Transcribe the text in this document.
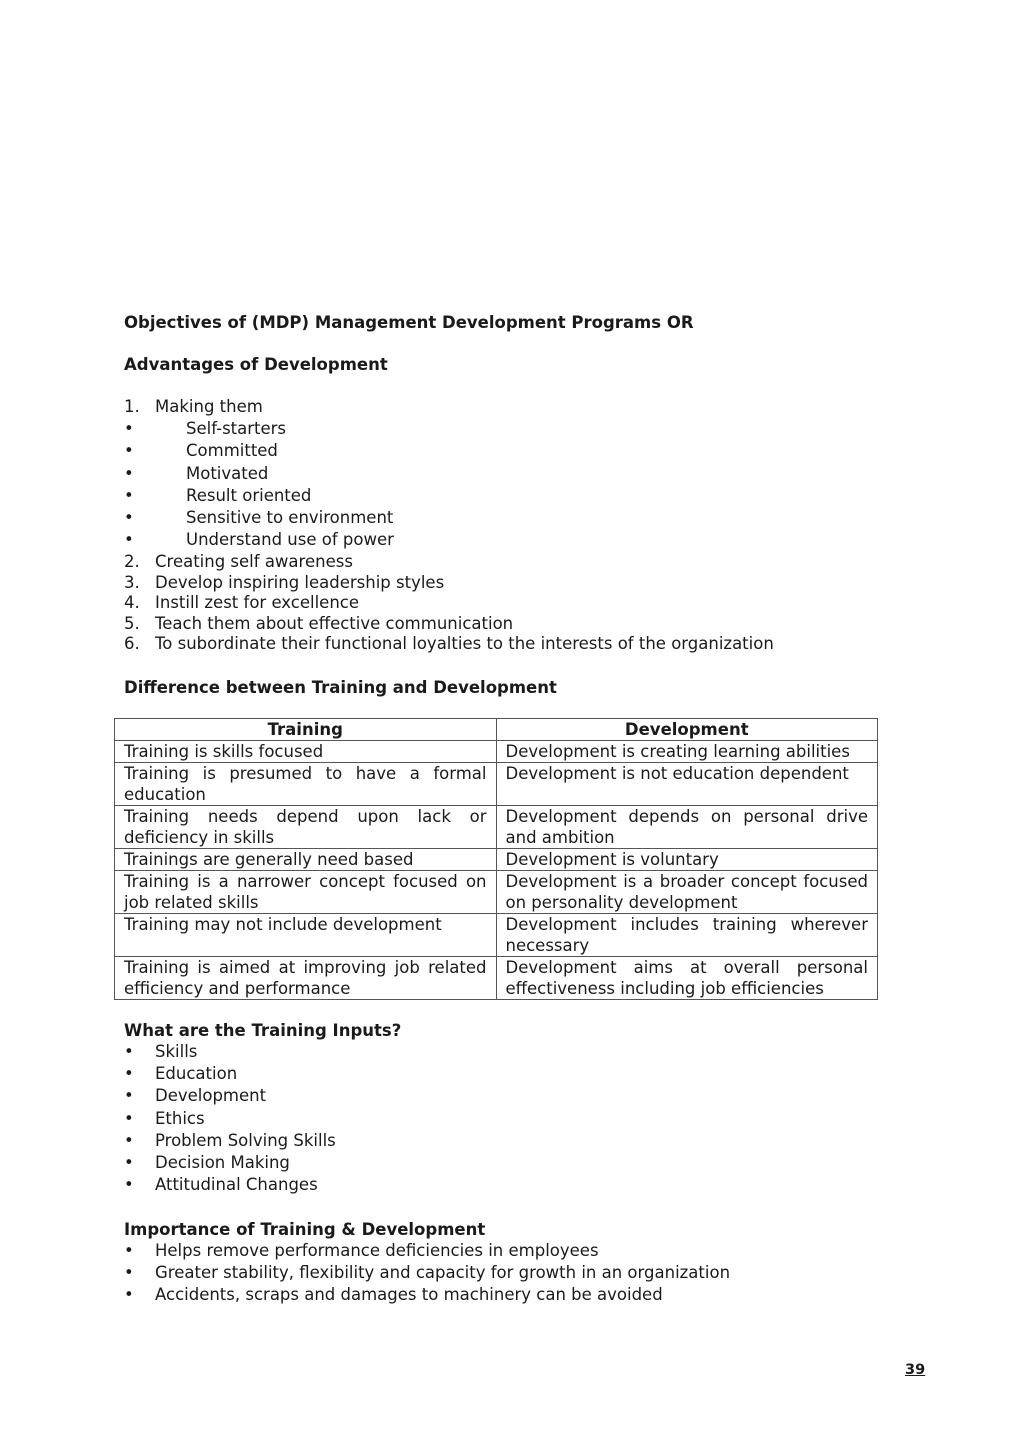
Objectives of (MDP) Management Development Programs OR

Advantages of Development

1. Making them
•	Self-starters
•	Committed
•	Motivated
•	Result oriented
•	Sensitive to environment
•	Understand use of power
2. Creating self awareness
3. Develop inspiring leadership styles
4. Instill zest for excellence
5. Teach them about effective communication
6. To subordinate their functional loyalties to the interests of the organization

Difference between Training and Development

Training	Development
Training is skills focused	Development is creating learning abilities
Training is presumed to have a formal education	Development is not education dependent
Training needs depend upon lack or deficiency in skills	Development depends on personal drive and ambition
Trainings are generally need based	Development is voluntary
Training is a narrower concept focused on job related skills	Development is a broader concept focused on personality development
Training may not include development	Development includes training wherever necessary
Training is aimed at improving job related efficiency and performance	Development aims at overall personal effectiveness including job efficiencies

What are the Training Inputs?

• Skills
• Education
• Development
• Ethics
• Problem Solving Skills
• Decision Making
• Attitudinal Changes

Importance of Training & Development

• Helps remove performance deficiencies in employees
• Greater stability, flexibility and capacity for growth in an organization
• Accidents, scraps and damages to machinery can be avoided
39
